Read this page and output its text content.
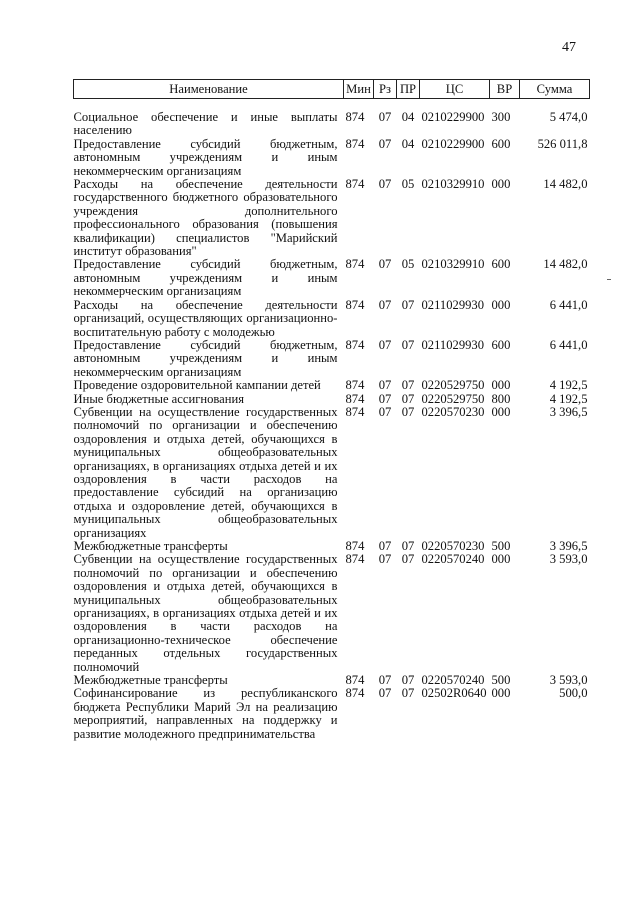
47
Наименование	Мин	Рз	ПР	ЦС	ВР	Сумма
Социальное обеспечение и иные выплаты населению	874	07	04	0210229900	300	5 474,0
Предоставление субсидий бюджетным, автономным учреждениям и иным некоммерческим организациям	874	07	04	0210229900	600	526 011,8
Расходы на обеспечение деятельности государственного бюджетного образовательного учреждения дополнительного профессионального образования (повышения квалификации) специалистов "Марийский институт образования"	874	07	05	0210329910	000	14 482,0
Предоставление субсидий бюджетным, автономным учреждениям и иным некоммерческим организациям	874	07	05	0210329910	600	14 482,0
Расходы на обеспечение деятельности организаций, осуществляющих организационно-воспитательную работу с молодежью	874	07	07	0211029930	000	6 441,0
Предоставление субсидий бюджетным, автономным учреждениям и иным некоммерческим организациям	874	07	07	0211029930	600	6 441,0
Проведение оздоровительной кампании детей	874	07	07	0220529750	000	4 192,5
Иные бюджетные ассигнования	874	07	07	0220529750	800	4 192,5
Субвенции на осуществление государственных полномочий по организации и обеспечению оздоровления и отдыха детей, обучающихся в муниципальных общеобразовательных организациях, в организациях отдыха детей и их оздоровления в части расходов на предоставление субсидий на организацию отдыха и оздоровление детей, обучающихся в муниципальных общеобразовательных организациях	874	07	07	0220570230	000	3 396,5
Межбюджетные трансферты	874	07	07	0220570230	500	3 396,5
Субвенции на осуществление государственных полномочий по организации и обеспечению оздоровления и отдыха детей, обучающихся в муниципальных общеобразовательных организациях, в организациях отдыха детей и их оздоровления в части расходов на организационно-техническое обеспечение переданных отдельных государственных полномочий	874	07	07	0220570240	000	3 593,0
Межбюджетные трансферты	874	07	07	0220570240	500	3 593,0
Софинансирование из республиканского бюджета Республики Марий Эл на реализацию мероприятий, направленных на поддержку и развитие молодежного предпринимательства	874	07	07	02502R0640	000	500,0
